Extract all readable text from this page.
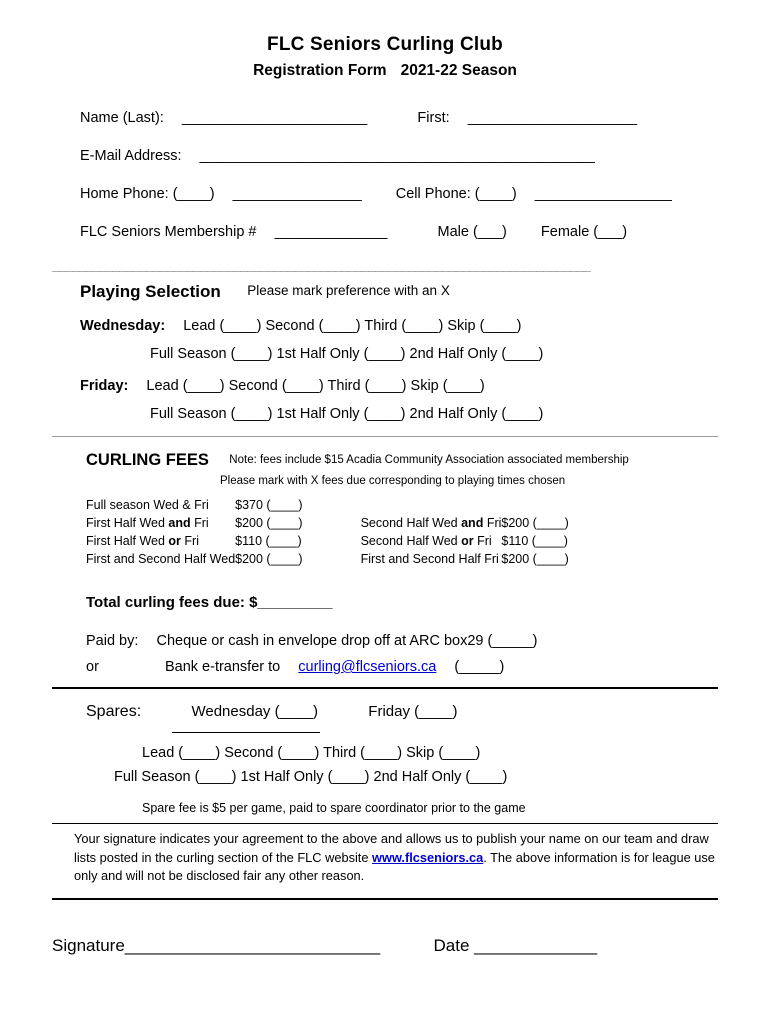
FLC Seniors Curling Club
Registration Form 2021-22 Season
Name (Last): _______________________	First: _____________________
E-Mail Address: _________________________________________________
Home Phone: (____) ________________ Cell Phone: (____) _________________
FLC Seniors Membership # ______________	Male (___) Female (___)
________________________________________________________________________________
Playing Selection Please mark preference with an X
Wednesday: Lead (____) Second (____) Third (____) Skip (____)
Full Season (____) 1st Half Only (____) 2nd Half Only (____)
Friday: Lead (____) Second (____) Third (____) Skip (____)
Full Season (____) 1st Half Only (____) 2nd Half Only (____)
CURLING FEES Note: fees include $15 Acadia Community Association associated membership
Please mark with X fees due corresponding to playing times chosen
Full season Wed & Fri	$370 (____)			
First Half Wed and Fri	$200 (____)		Second Half Wed and Fri	$200 (____)
First Half Wed or Fri	$110 (____)		Second Half Wed or Fri	$110 (____)
First and Second Half Wed	$200 (____)		First and Second Half Fri	$200 (____)
Total curling fees due: $_________
Paid by: Cheque or cash in envelope drop off at ARC box29 (_____)
or	Bank e-transfer to curling@flcseniors.ca (_____)
Spares:	Wednesday (____)	Friday (____)
Lead (____) Second (____) Third (____) Skip (____)
Full Season (____) 1st Half Only (____) 2nd Half Only (____)
Spare fee is $5 per game, paid to spare coordinator prior to the game
Your signature indicates your agreement to the above and allows us to publish your name on our team and draw lists posted in the curling section of the FLC website www.flcseniors.ca. The above information is for league use only and will not be disclosed fair any other reason.
Signature___________________________	Date _____________
